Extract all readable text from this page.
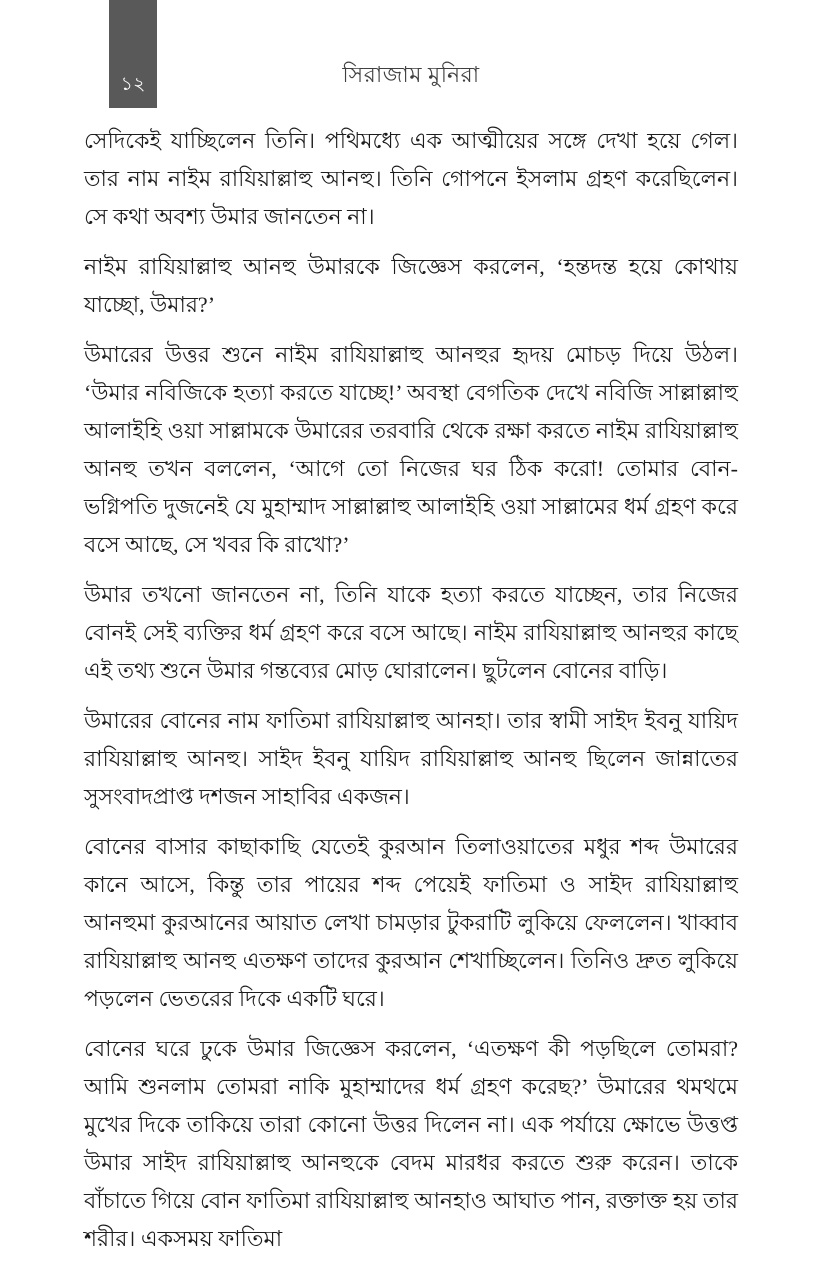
১২	সিরাজাম মুনিরা

সেদিকেই যাচ্ছিলেন তিনি। পথিমধ্যে এক আত্মীয়ের সঙ্গে দেখা হয়ে গেল। তার নাম নাইম রাযিয়াল্লাহু আনহু। তিনি গোপনে ইসলাম গ্রহণ করেছিলেন। সে কথা অবশ্য উমার জানতেন না।

নাইম রাযিয়াল্লাহু আনহু উমারকে জিজ্ঞেস করলেন, ‘হন্তদন্ত হয়ে কোথায় যাচ্ছো, উমার?’

উমারের উত্তর শুনে নাইম রাযিয়াল্লাহু আনহুর হৃদয় মোচড় দিয়ে উঠল। ‘উমার নবিজিকে হত্যা করতে যাচ্ছে!’ অবস্থা বেগতিক দেখে নবিজি সাল্লাল্লাহু আলাইহি ওয়া সাল্লামকে উমারের তরবারি থেকে রক্ষা করতে নাইম রাযিয়াল্লাহু আনহু তখন বললেন, ‘আগে তো নিজের ঘর ঠিক করো! তোমার বোন-ভগ্নিপতি দুজনেই যে মুহাম্মাদ সাল্লাল্লাহু আলাইহি ওয়া সাল্লামের ধর্ম গ্রহণ করে বসে আছে, সে খবর কি রাখো?’

উমার তখনো জানতেন না, তিনি যাকে হত্যা করতে যাচ্ছেন, তার নিজের বোনই সেই ব্যক্তির ধর্ম গ্রহণ করে বসে আছে। নাইম রাযিয়াল্লাহু আনহুর কাছে এই তথ্য শুনে উমার গন্তব্যের মোড় ঘোরালেন। ছুটলেন বোনের বাড়ি।

উমারের বোনের নাম ফাতিমা রাযিয়াল্লাহু আনহা। তার স্বামী সাইদ ইবনু যায়িদ রাযিয়াল্লাহু আনহু। সাইদ ইবনু যায়িদ রাযিয়াল্লাহু আনহু ছিলেন জান্নাতের সুসংবাদপ্রাপ্ত দশজন সাহাবির একজন।

বোনের বাসার কাছাকাছি যেতেই কুরআন তিলাওয়াতের মধুর শব্দ উমারের কানে আসে, কিন্তু তার পায়ের শব্দ পেয়েই ফাতিমা ও সাইদ রাযিয়াল্লাহু আনহুমা কুরআনের আয়াত লেখা চামড়ার টুকরাটি লুকিয়ে ফেললেন। খাব্বাব রাযিয়াল্লাহু আনহু এতক্ষণ তাদের কুরআন শেখাচ্ছিলেন। তিনিও দ্রুত লুকিয়ে পড়লেন ভেতরের দিকে একটি ঘরে।

বোনের ঘরে ঢুকে উমার জিজ্ঞেস করলেন, ‘এতক্ষণ কী পড়ছিলে তোমরা? আমি শুনলাম তোমরা নাকি মুহাম্মাদের ধর্ম গ্রহণ করেছ?’ উমারের থমথমে মুখের দিকে তাকিয়ে তারা কোনো উত্তর দিলেন না। এক পর্যায়ে ক্ষোভে উত্তপ্ত উমার সাইদ রাযিয়াল্লাহু আনহুকে বেদম মারধর করতে শুরু করেন। তাকে বাঁচাতে গিয়ে বোন ফাতিমা রাযিয়াল্লাহু আনহাও আঘাত পান, রক্তাক্ত হয় তার শরীর। একসময় ফাতিমা
